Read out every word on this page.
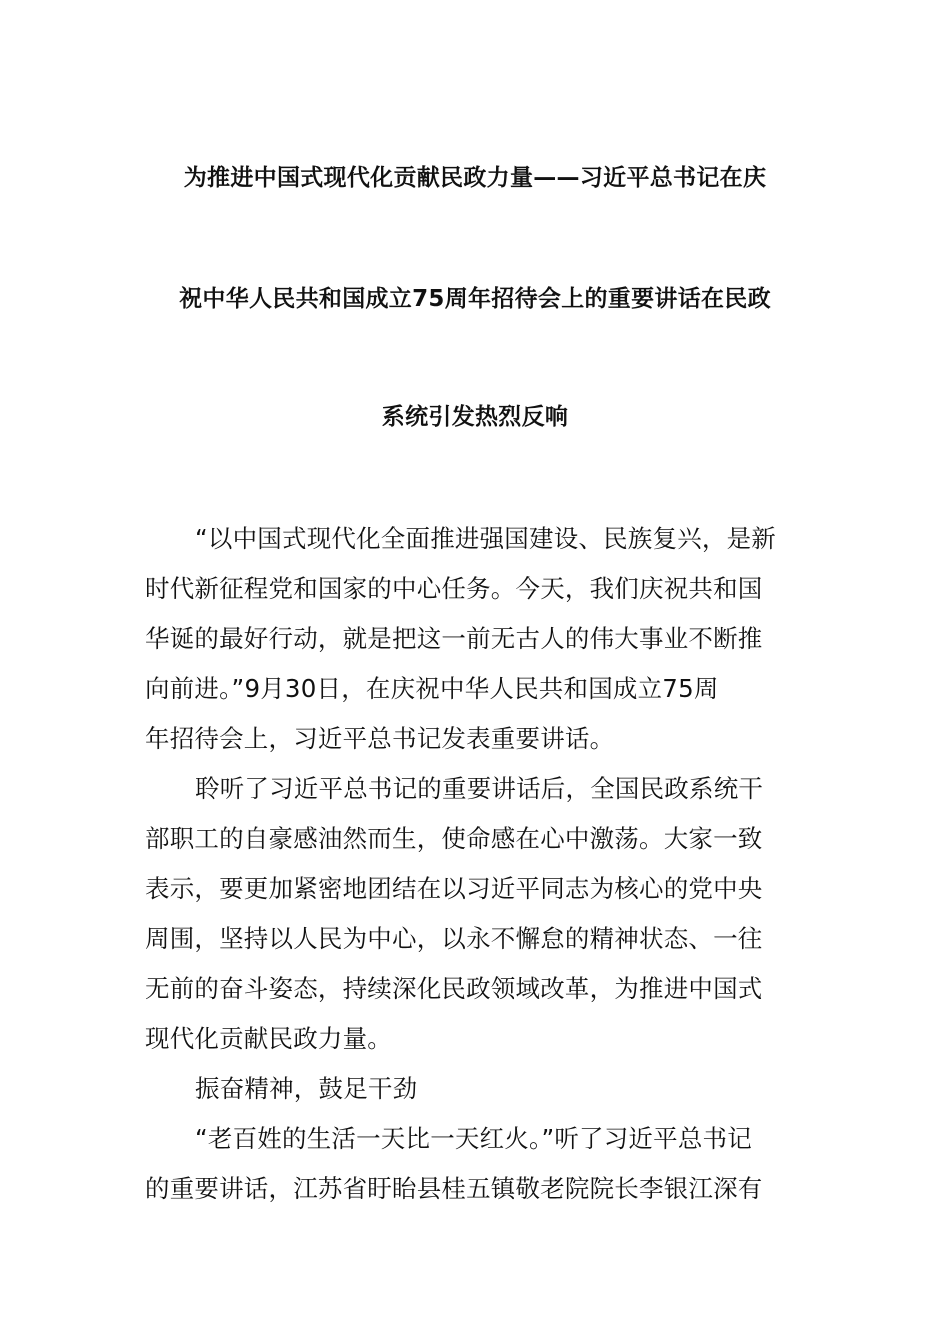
为推进中国式现代化贡献民政力量——习近平总书记在庆
祝中华人民共和国成立75周年招待会上的重要讲话在民政
系统引发热烈反响
“以中国式现代化全面推进强国建设、民族复兴，是新
时代新征程党和国家的中心任务。今天，我们庆祝共和国
华诞的最好行动，就是把这一前无古人的伟大事业不断推
向前进。”9月30日，在庆祝中华人民共和国成立75周
年招待会上，习近平总书记发表重要讲话。
聆听了习近平总书记的重要讲话后，全国民政系统干
部职工的自豪感油然而生，使命感在心中激荡。大家一致
表示，要更加紧密地团结在以习近平同志为核心的党中央
周围，坚持以人民为中心，以永不懈怠的精神状态、一往
无前的奋斗姿态，持续深化民政领域改革，为推进中国式
现代化贡献民政力量。
振奋精神，鼓足干劲
“老百姓的生活一天比一天红火。”听了习近平总书记
的重要讲话，江苏省盱眙县桂五镇敬老院院长李银江深有
